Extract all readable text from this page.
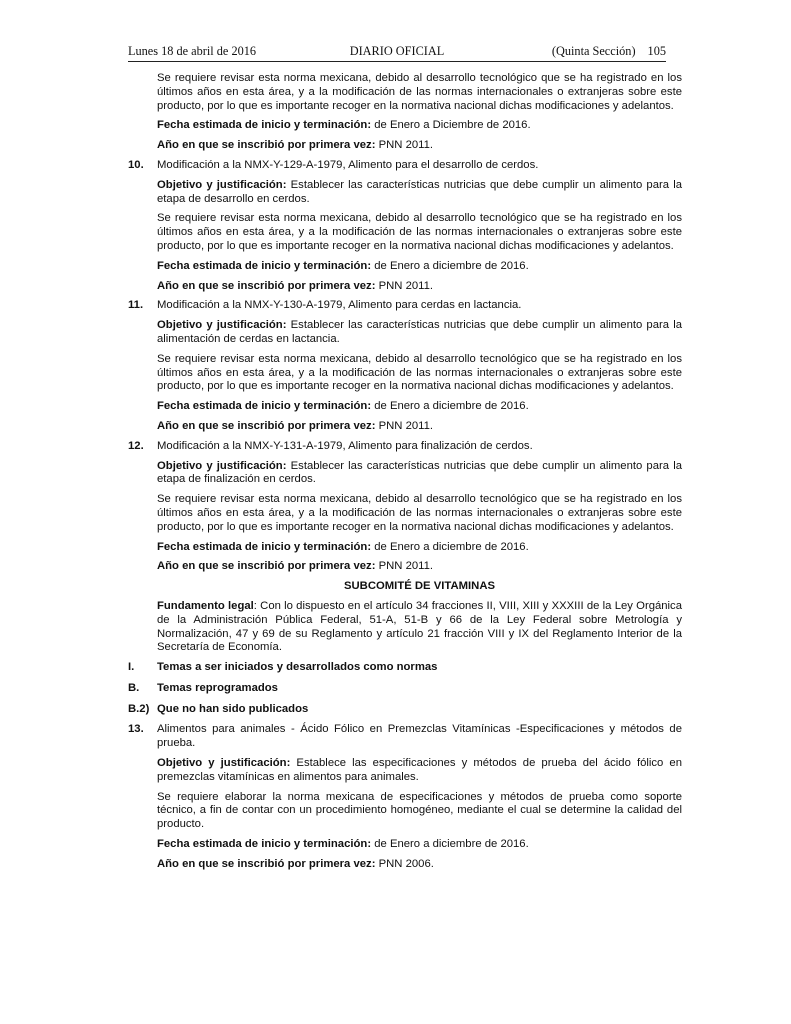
Lunes 18 de abril de 2016	DIARIO OFICIAL	(Quinta Sección) 105

Se requiere revisar esta norma mexicana, debido al desarrollo tecnológico que se ha registrado en los últimos años en esta área, y a la modificación de las normas internacionales o extranjeras sobre este producto, por lo que es importante recoger en la normativa nacional dichas modificaciones y adelantos.

Fecha estimada de inicio y terminación: de Enero a Diciembre de 2016.

Año en que se inscribió por primera vez: PNN 2011.

10. Modificación a la NMX-Y-129-A-1979, Alimento para el desarrollo de cerdos.

Objetivo y justificación: Establecer las características nutricias que debe cumplir un alimento para la etapa de desarrollo en cerdos.

Se requiere revisar esta norma mexicana, debido al desarrollo tecnológico que se ha registrado en los últimos años en esta área, y a la modificación de las normas internacionales o extranjeras sobre este producto, por lo que es importante recoger en la normativa nacional dichas modificaciones y adelantos.

Fecha estimada de inicio y terminación: de Enero a diciembre de 2016.

Año en que se inscribió por primera vez: PNN 2011.

11. Modificación a la NMX-Y-130-A-1979, Alimento para cerdas en lactancia.

Objetivo y justificación: Establecer las características nutricias que debe cumplir un alimento para la alimentación de cerdas en lactancia.

Se requiere revisar esta norma mexicana, debido al desarrollo tecnológico que se ha registrado en los últimos años en esta área, y a la modificación de las normas internacionales o extranjeras sobre este producto, por lo que es importante recoger en la normativa nacional dichas modificaciones y adelantos.

Fecha estimada de inicio y terminación: de Enero a diciembre de 2016.

Año en que se inscribió por primera vez: PNN 2011.

12. Modificación a la NMX-Y-131-A-1979, Alimento para finalización de cerdos.

Objetivo y justificación: Establecer las características nutricias que debe cumplir un alimento para la etapa de finalización en cerdos.

Se requiere revisar esta norma mexicana, debido al desarrollo tecnológico que se ha registrado en los últimos años en esta área, y a la modificación de las normas internacionales o extranjeras sobre este producto, por lo que es importante recoger en la normativa nacional dichas modificaciones y adelantos.

Fecha estimada de inicio y terminación: de Enero a diciembre de 2016.

Año en que se inscribió por primera vez: PNN 2011.

SUBCOMITÉ DE VITAMINAS

Fundamento legal: Con lo dispuesto en el artículo 34 fracciones II, VIII, XIII y XXXIII de la Ley Orgánica de la Administración Pública Federal, 51-A, 51-B y 66 de la Ley Federal sobre Metrología y Normalización, 47 y 69 de su Reglamento y artículo 21 fracción VIII y IX del Reglamento Interior de la Secretaría de Economía.

I. Temas a ser iniciados y desarrollados como normas
B. Temas reprogramados
B.2) Que no han sido publicados
13. Alimentos para animales - Ácido Fólico en Premezclas Vitamínicas -Especificaciones y métodos de prueba.

Objetivo y justificación: Establece las especificaciones y métodos de prueba del ácido fólico en premezclas vitamínicas en alimentos para animales.

Se requiere elaborar la norma mexicana de especificaciones y métodos de prueba como soporte técnico, a fin de contar con un procedimiento homogéneo, mediante el cual se determine la calidad del producto.

Fecha estimada de inicio y terminación: de Enero a diciembre de 2016.

Año en que se inscribió por primera vez: PNN 2006.
